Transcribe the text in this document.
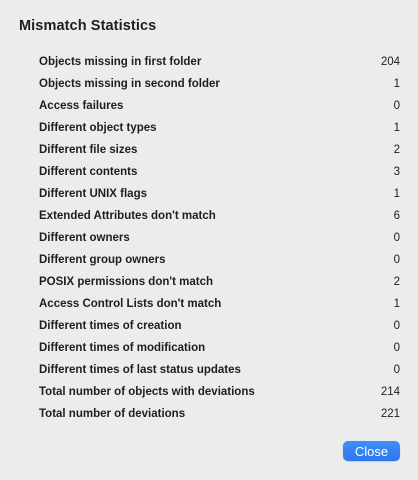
Mismatch Statistics
Objects missing in first folder	204
Objects missing in second folder	1
Access failures	0
Different object types	1
Different file sizes	2
Different contents	3
Different UNIX flags	1
Extended Attributes don't match	6
Different owners	0
Different group owners	0
POSIX permissions don't match	2
Access Control Lists don't match	1
Different times of creation	0
Different times of modification	0
Different times of last status updates	0
Total number of objects with deviations	214
Total number of deviations	221
Close
